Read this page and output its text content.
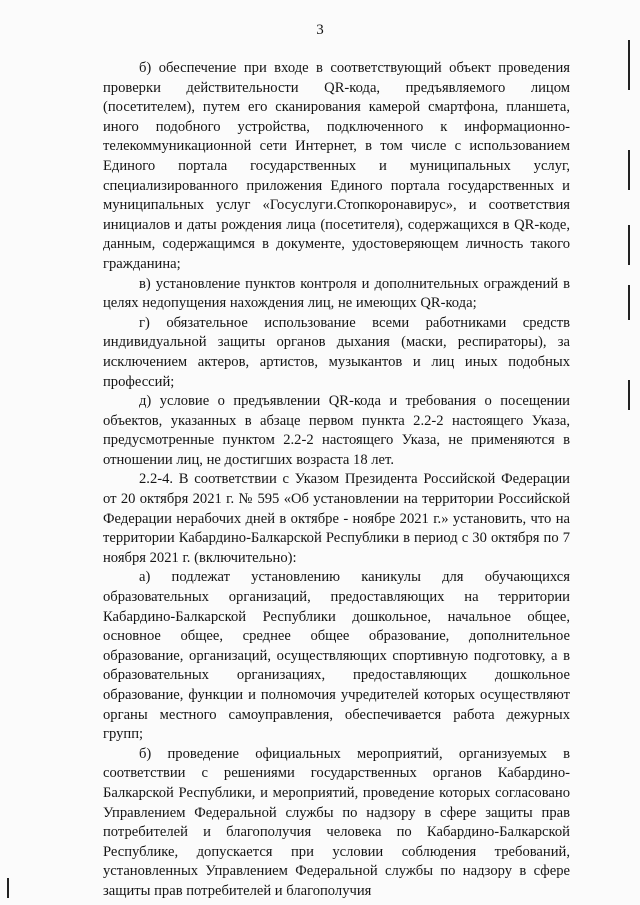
3

б) обеспечение при входе в соответствующий объект проведения проверки действительности QR-кода, предъявляемого лицом (посетителем), путем его сканирования камерой смартфона, планшета, иного подобного устройства, подключенного к информационно-телекоммуникационной сети Интернет, в том числе с использованием Единого портала государственных и муниципальных услуг, специализированного приложения Единого портала государственных и муниципальных услуг «Госуслуги.Стопкоронавирус», и соответствия инициалов и даты рождения лица (посетителя), содержащихся в QR-коде, данным, содержащимся в документе, удостоверяющем личность такого гражданина;

в) установление пунктов контроля и дополнительных ограждений в целях недопущения нахождения лиц, не имеющих QR-кода;

г) обязательное использование всеми работниками средств индивидуальной защиты органов дыхания (маски, респираторы), за исключением актеров, артистов, музыкантов и лиц иных подобных профессий;

д) условие о предъявлении QR-кода и требования о посещении объектов, указанных в абзаце первом пункта 2.2-2 настоящего Указа, предусмотренные пунктом 2.2-2 настоящего Указа, не применяются в отношении лиц, не достигших возраста 18 лет.

2.2-4. В соответствии с Указом Президента Российской Федерации от 20 октября 2021 г. № 595 «Об установлении на территории Российской Федерации нерабочих дней в октябре - ноябре 2021 г.» установить, что на территории Кабардино-Балкарской Республики в период с 30 октября по 7 ноября 2021 г. (включительно):

а) подлежат установлению каникулы для обучающихся образовательных организаций, предоставляющих на территории Кабардино-Балкарской Республики дошкольное, начальное общее, основное общее, среднее общее образование, дополнительное образование, организаций, осуществляющих спортивную подготовку, а в образовательных организациях, предоставляющих дошкольное образование, функции и полномочия учредителей которых осуществляют органы местного самоуправления, обеспечивается работа дежурных групп;

б) проведение официальных мероприятий, организуемых в соответствии с решениями государственных органов Кабардино-Балкарской Республики, и мероприятий, проведение которых согласовано Управлением Федеральной службы по надзору в сфере защиты прав потребителей и благополучия человека по Кабардино-Балкарской Республике, допускается при условии соблюдения требований, установленных Управлением Федеральной службы по надзору в сфере защиты прав потребителей и благополучия
